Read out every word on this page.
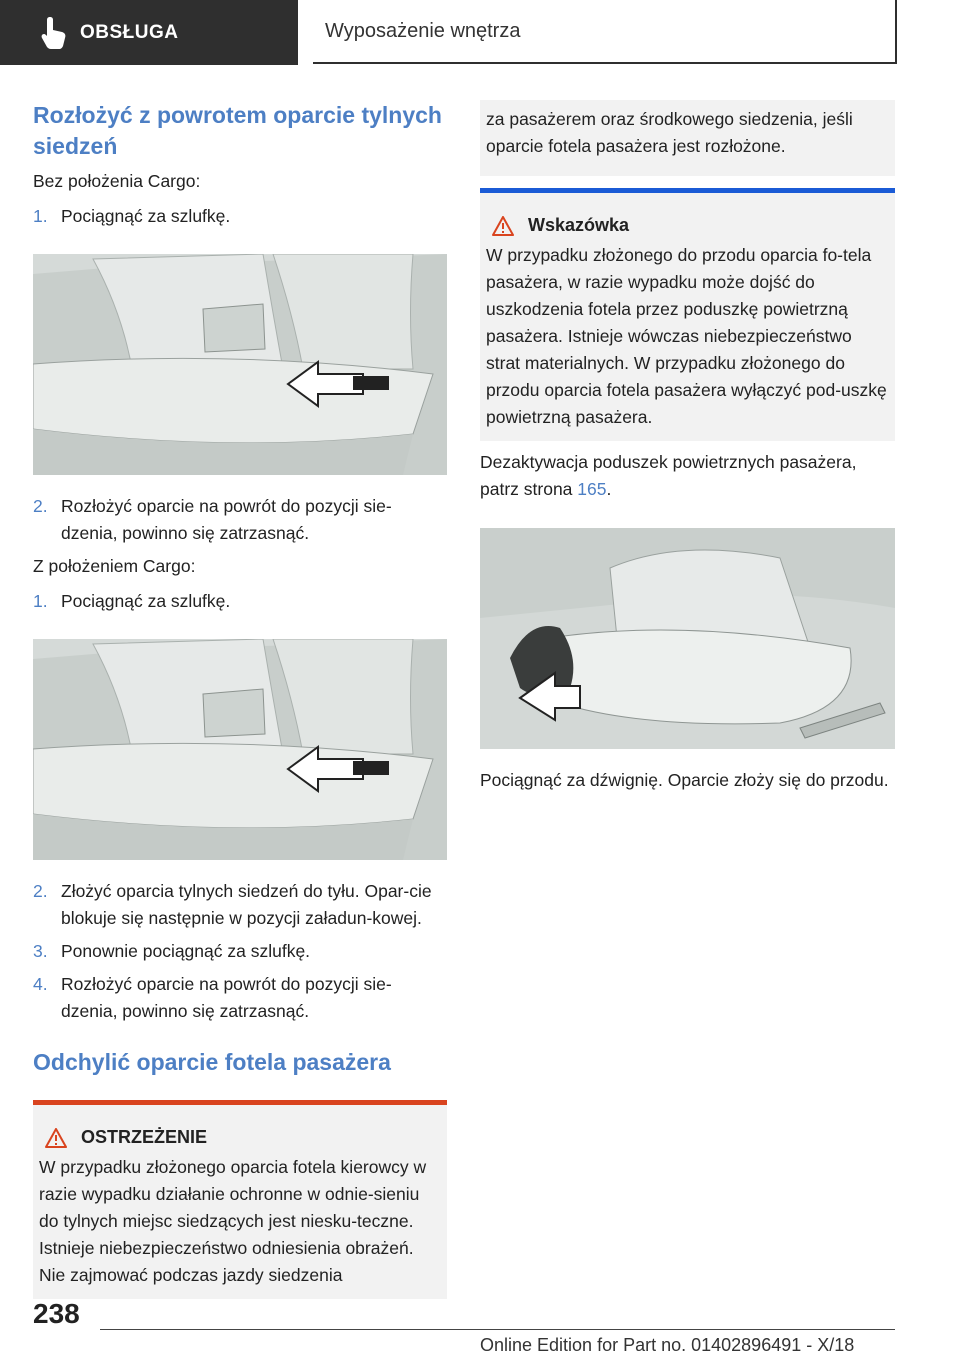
OBSŁUGA	Wyposażenie wnętrza
Rozłożyć z powrotem oparcie tylnych siedzeń

Bez położenia Cargo:

1. Pociągnąć za szlufkę.
2. Rozłożyć oparcie na powrót do pozycji sie‐dzenia, powinno się zatrzasnąć.

Z położeniem Cargo:

1. Pociągnąć za szlufkę.
2. Złożyć oparcia tylnych siedzeń do tyłu. Opar‐cie blokuje się następnie w pozycji załadun‐kowej.
3. Ponownie pociągnąć za szlufkę.
4. Rozłożyć oparcie na powrót do pozycji sie‐dzenia, powinno się zatrzasnąć.
Odchylić oparcie fotela pasażera
OSTRZEŻENIE

W przypadku złożonego oparcia fotela kierowcy w razie wypadku działanie ochronne w odnie‐sieniu do tylnych miejsc siedzących jest niesku‐teczne. Istnieje niebezpieczeństwo odniesienia obrażeń. Nie zajmować podczas jazdy siedzenia

za pasażerem oraz środkowego siedzenia, jeśli oparcie fotela pasażera jest rozłożone.

Wskazówka

W przypadku złożonego do przodu oparcia fo‐tela pasażera, w razie wypadku może dojść do uszkodzenia fotela przez poduszkę powietrzną pasażera. Istnieje wówczas niebezpieczeństwo strat materialnych. W przypadku złożonego do przodu oparcia fotela pasażera wyłączyć pod‐uszkę powietrzną pasażera.

Dezaktywacja poduszek powietrznych pasażera, patrz strona 165.

Pociągnąć za dźwignię. Oparcie złoży się do przodu.

238
Online Edition for Part no. 01402896491 - X/18
